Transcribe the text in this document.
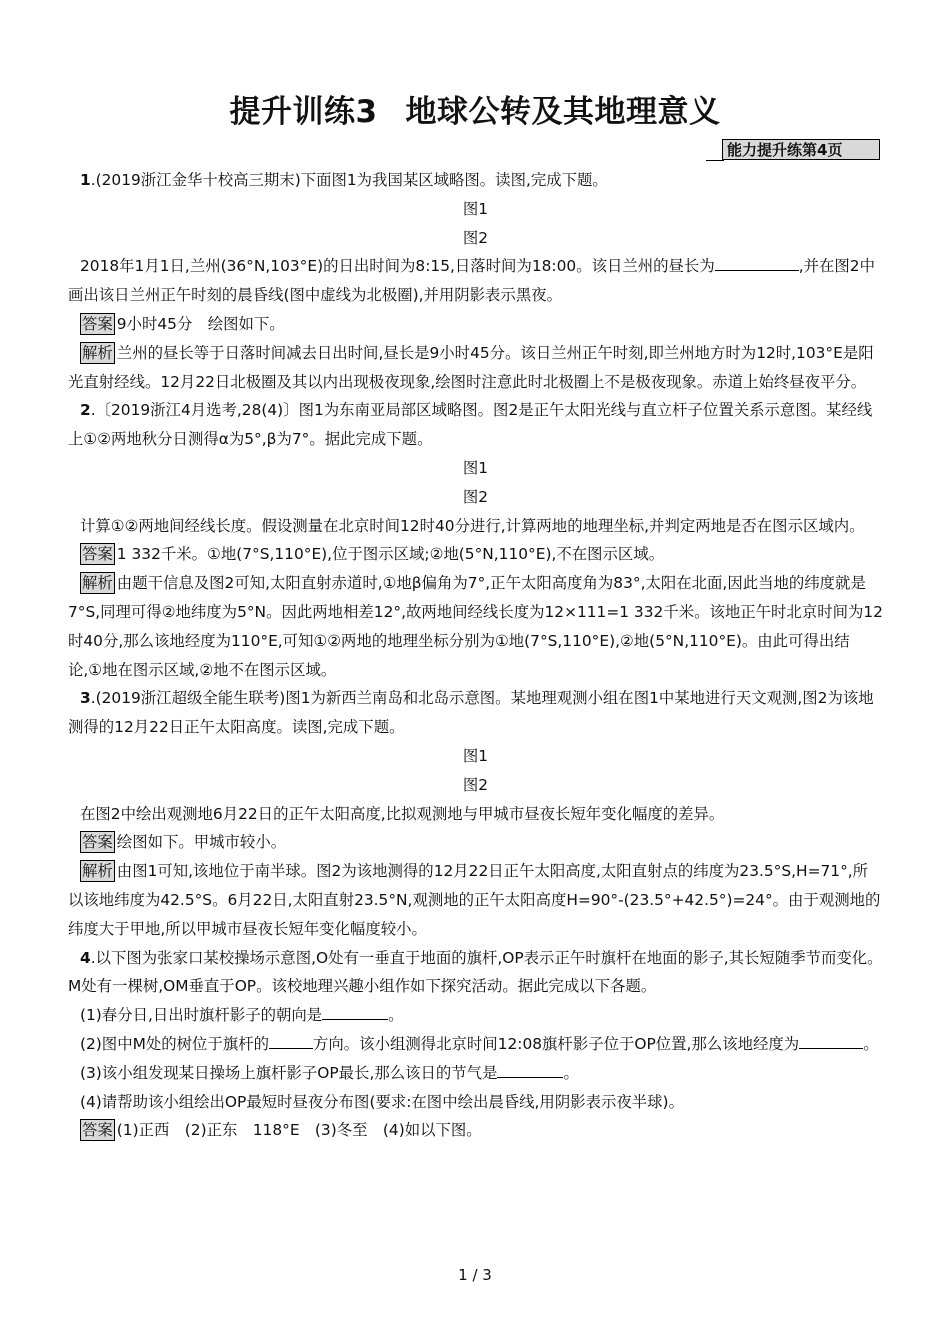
提升训练3 地球公转及其地理意义
能力提升练第4页

1.(2019浙江金华十校高三期末)下面图1为我国某区域略图。读图,完成下题。

图1

图2

2018年1月1日,兰州(36°N,103°E)的日出时间为8:15,日落时间为18:00。该日兰州的昼长为	,并在图2中画出该日兰州正午时刻的晨昏线(图中虚线为北极圈),并用阴影表示黑夜。

答案 9小时45分　绘图如下。

解析 兰州的昼长等于日落时间减去日出时间,昼长是9小时45分。该日兰州正午时刻,即兰州地方时为12时,103°E是阳光直射经线。12月22日北极圈及其以内出现极夜现象,绘图时注意此时北极圈上不是极夜现象。赤道上始终昼夜平分。

2.〔2019浙江4月选考,28(4)〕图1为东南亚局部区域略图。图2是正午太阳光线与直立杆子位置关系示意图。某经线上①②两地秋分日测得α为5°,β为7°。据此完成下题。

图1

图2

计算①②两地间经线长度。假设测量在北京时间12时40分进行,计算两地的地理坐标,并判定两地是否在图示区域内。

答案 1 332千米。①地(7°S,110°E),位于图示区域;②地(5°N,110°E),不在图示区域。

解析 由题干信息及图2可知,太阳直射赤道时,①地β偏角为7°,正午太阳高度角为83°,太阳在北面,因此当地的纬度就是7°S,同理可得②地纬度为5°N。因此两地相差12°,故两地间经线长度为12×111=1 332千米。该地正午时北京时间为12时40分,那么该地经度为110°E,可知①②两地的地理坐标分别为①地(7°S,110°E),②地(5°N,110°E)。由此可得出结论,①地在图示区域,②地不在图示区域。

3.(2019浙江超级全能生联考)图1为新西兰南岛和北岛示意图。某地理观测小组在图1中某地进行天文观测,图2为该地测得的12月22日正午太阳高度。读图,完成下题。

图1

图2

在图2中绘出观测地6月22日的正午太阳高度,比拟观测地与甲城市昼夜长短年变化幅度的差异。

答案 绘图如下。甲城市较小。

解析 由图1可知,该地位于南半球。图2为该地测得的12月22日正午太阳高度,太阳直射点的纬度为23.5°S,H=71°,所以该地纬度为42.5°S。6月22日,太阳直射23.5°N,观测地的正午太阳高度H=90°-(23.5°+42.5°)=24°。由于观测地的纬度大于甲地,所以甲城市昼夜长短年变化幅度较小。

4.以下图为张家口某校操场示意图,O处有一垂直于地面的旗杆,OP表示正午时旗杆在地面的影子,其长短随季节而变化。M处有一棵树,OM垂直于OP。该校地理兴趣小组作如下探究活动。据此完成以下各题。

(1)春分日,日出时旗杆影子的朝向是	。

(2)图中M处的树位于旗杆的	方向。该小组测得北京时间12:08旗杆影子位于OP位置,那么该地经度为	。

(3)该小组发现某日操场上旗杆影子OP最长,那么该日的节气是	。

(4)请帮助该小组绘出OP最短时昼夜分布图(要求:在图中绘出晨昏线,用阴影表示夜半球)。

答案 (1)正西　(2)正东　118°E　(3)冬至　(4)如以下图。

1 / 3
